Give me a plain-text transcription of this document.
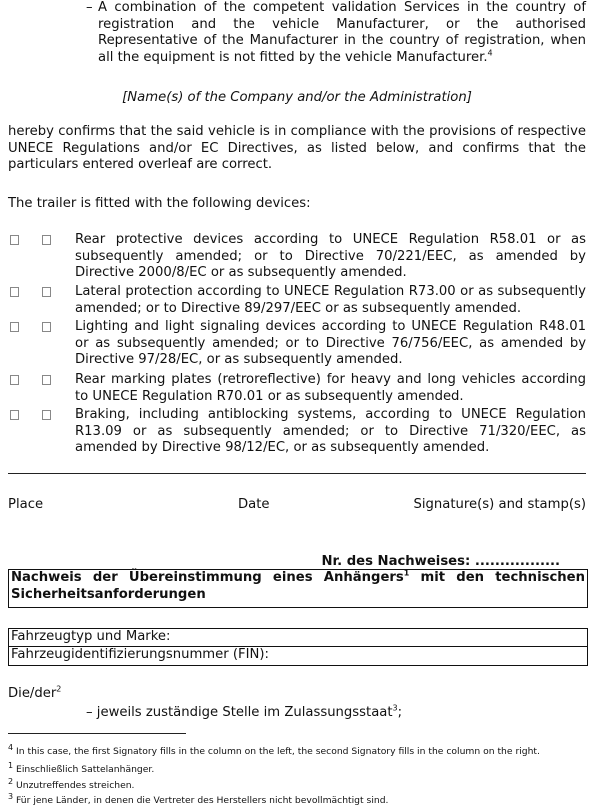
– A combination of the competent validation Services in the country of registration and the vehicle Manufacturer, or the authorised Representative of the Manufacturer in the country of registration, when all the equipment is not fitted by the vehicle Manufacturer.$^4$
[Name(s) of the Company and/or the Administration]
hereby confirms that the said vehicle is in compliance with the provisions of respective UNECE Regulations and/or EC Directives, as listed below, and confirms that the particulars entered overleaf are correct.
The trailer is fitted with the following devices:
Rear protective devices according to UNECE Regulation R58.01 or as subsequently amended; or to Directive 70/221/EEC, as amended by Directive 2000/8/EC or as subsequently amended.
Lateral protection according to UNECE Regulation R73.00 or as subsequently amended; or to Directive 89/297/EEC or as subsequently amended.
Lighting and light signaling devices according to UNECE Regulation R48.01 or as subsequently amended; or to Directive 76/756/EEC, as amended by Directive 97/28/EC, or as subsequently amended.
Rear marking plates (retroreflective) for heavy and long vehicles according to UNECE Regulation R70.01 or as subsequently amended.
Braking, including antiblocking systems, according to UNECE Regulation R13.09 or as subsequently amended; or to Directive 71/320/EEC, as amended by Directive 98/12/EC, or as subsequently amended.
Place	Date	Signature(s) and stamp(s)
Nr. des Nachweises: .................
Nachweis der Übereinstimmung eines Anhängers$^1$ mit den technischen Sicherheitsanforderungen
Fahrzeugtyp und Marke:
Fahrzeugidentifizierungsnummer (FIN):
Die/der$^2$
– jeweils zuständige Stelle im Zulassungsstaat$^3$;
$^4$ In this case, the first Signatory fills in the column on the left, the second Signatory fills in the column on the right.
$^1$ Einschließlich Sattelanhänger.
$^2$ Unzutreffendes streichen.
$^3$ Für jene Länder, in denen die Vertreter des Herstellers nicht bevollmächtigt sind.
